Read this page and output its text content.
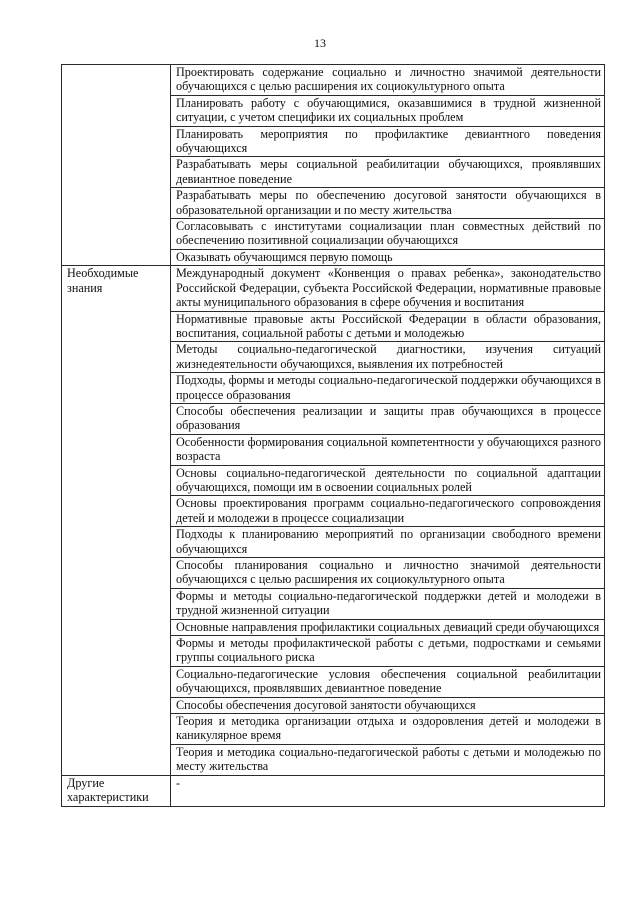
13
	Проектировать содержание социально и личностно значимой деятельности обучающихся с целью расширения их социокультурного опыта
	Планировать работу с обучающимися, оказавшимися в трудной жизненной ситуации, с учетом специфики их социальных проблем
	Планировать мероприятия по профилактике девиантного поведения обучающихся
	Разрабатывать меры социальной реабилитации обучающихся, проявлявших девиантное поведение
	Разрабатывать меры по обеспечению досуговой занятости обучающихся в образовательной организации и по месту жительства
	Согласовывать с институтами социализации план совместных действий по обеспечению позитивной социализации обучающихся
	Оказывать обучающимся первую помощь

Необходимые знания	Международный документ «Конвенция о правах ребенка», законодательство Российской Федерации, субъекта Российской Федерации, нормативные правовые акты муниципального образования в сфере обучения и воспитания
	Нормативные правовые акты Российской Федерации в области образования, воспитания, социальной работы с детьми и молодежью
	Методы социально-педагогической диагностики, изучения ситуаций жизнедеятельности обучающихся, выявления их потребностей
	Подходы, формы и методы социально-педагогической поддержки обучающихся в процессе образования
	Способы обеспечения реализации и защиты прав обучающихся в процессе образования
	Особенности формирования социальной компетентности у обучающихся разного возраста
	Основы социально-педагогической деятельности по социальной адаптации обучающихся, помощи им в освоении социальных ролей
	Основы проектирования программ социально-педагогического сопровождения детей и молодежи в процессе социализации
	Подходы к планированию мероприятий по организации свободного времени обучающихся
	Способы планирования социально и личностно значимой деятельности обучающихся с целью расширения их социокультурного опыта
	Формы и методы социально-педагогической поддержки детей и молодежи в трудной жизненной ситуации
	Основные направления профилактики социальных девиаций среди обучающихся
	Формы и методы профилактической работы с детьми, подростками и семьями группы социального риска
	Социально-педагогические условия обеспечения социальной реабилитации обучающихся, проявлявших девиантное поведение
	Способы обеспечения досуговой занятости обучающихся
	Теория и методика организации отдыха и оздоровления детей и молодежи в каникулярное время
	Теория и методика социально-педагогической работы с детьми и молодежью по месту жительства

Другие характеристики	-
